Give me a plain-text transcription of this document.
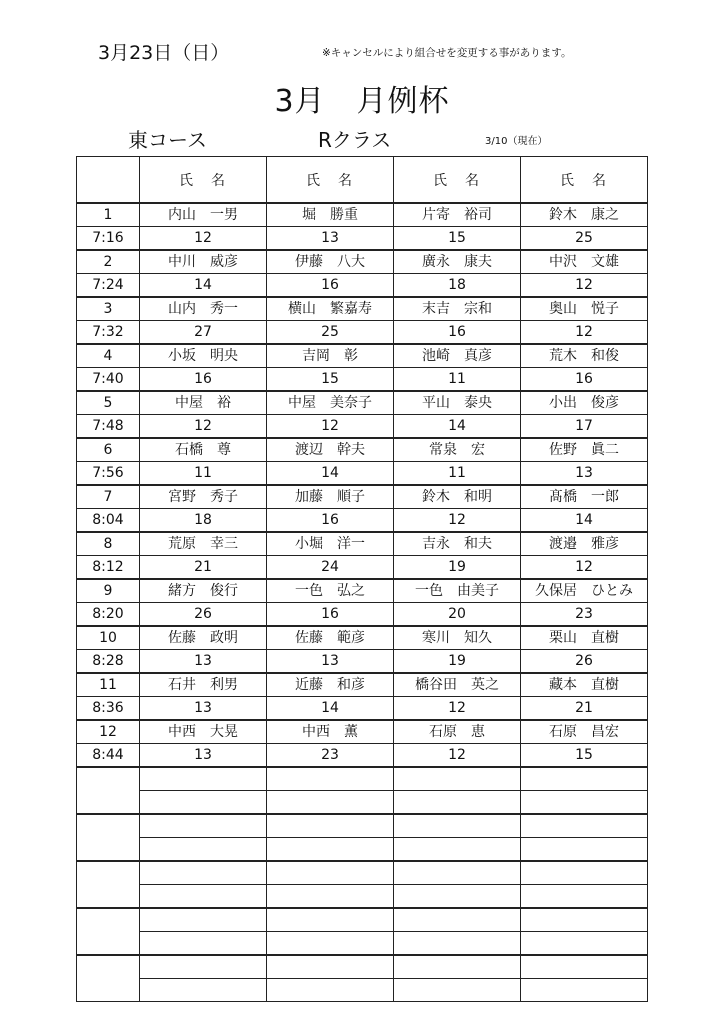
3月23日（日）	※キャンセルにより組合せを変更する事があります。
3月　月例杯
東コース	Rクラス	3/10（現在）
	氏　名	氏　名	氏　名	氏　名
1	内山　一男	堀　勝重	片寄　裕司	鈴木　康之
7:16	12	13	15	25
2	中川　威彦	伊藤　八大	廣永　康夫	中沢　文雄
7:24	14	16	18	12
3	山内　秀一	横山　繁嘉寿	末吉　宗和	奥山　悦子
7:32	27	25	16	12
4	小坂　明央	吉岡　彰	池崎　真彦	荒木　和俊
7:40	16	15	11	16
5	中屋　裕	中屋　美奈子	平山　泰央	小出　俊彦
7:48	12	12	14	17
6	石橋　尊	渡辺　幹夫	常泉　宏	佐野　眞二
7:56	11	14	11	13
7	宮野　秀子	加藤　順子	鈴木　和明	髙橋　一郎
8:04	18	16	12	14
8	荒原　幸三	小堀　洋一	吉永　和夫	渡邉　雅彦
8:12	21	24	19	12
9	緒方　俊行	一色　弘之	一色　由美子	久保居　ひとみ
8:20	26	16	20	23
10	佐藤　政明	佐藤　範彦	寒川　知久	栗山　直樹
8:28	13	13	19	26
11	石井　利男	近藤　和彦	橋谷田　英之	藏本　直樹
8:36	13	14	12	21
12	中西　大晃	中西　薫	石原　恵	石原　昌宏
8:44	13	23	12	15
